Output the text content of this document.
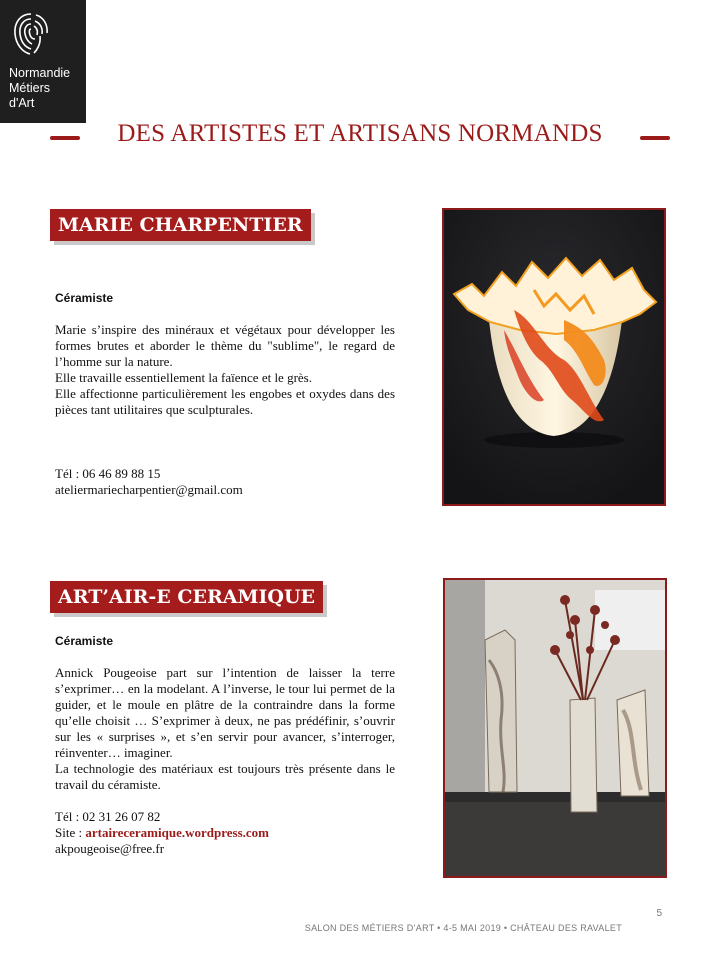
Normandie
Métiers
d'Art
DES ARTISTES ET ARTISANS NORMANDS
MARIE CHARPENTIER
Céramiste
Marie s’inspire des minéraux et végétaux pour développer les formes brutes et aborder le thème du "sublime", le regard de l’homme sur la nature.
Elle travaille essentiellement la faïence et le grès.
Elle affectionne particulièrement les engobes et oxydes dans des pièces tant utilitaires que sculpturales.
Tél : 06 46 89 88 15
ateliermariecharpentier@gmail.com
ART’AIR-E CERAMIQUE
Céramiste
Annick Pougeoise part sur l’intention de laisser la terre s’exprimer… en la modelant. A l’inverse, le tour lui permet de la guider, et le moule en plâtre de la contraindre dans la forme qu’elle choisit … S’exprimer à deux, ne pas prédéfinir, s’ouvrir sur les « surprises », et s’en servir pour avancer, s’interroger, réinventer… imaginer.
La technologie des matériaux est toujours très présente dans le travail du céramiste.
Tél : 02 31 26 07 82
Site : artaireceramique.wordpress.com
akpougeoise@free.fr
5
SALON DES MÉTIERS D’ART • 4-5 MAI 2019 • CHÂTEAU DES RAVALET
